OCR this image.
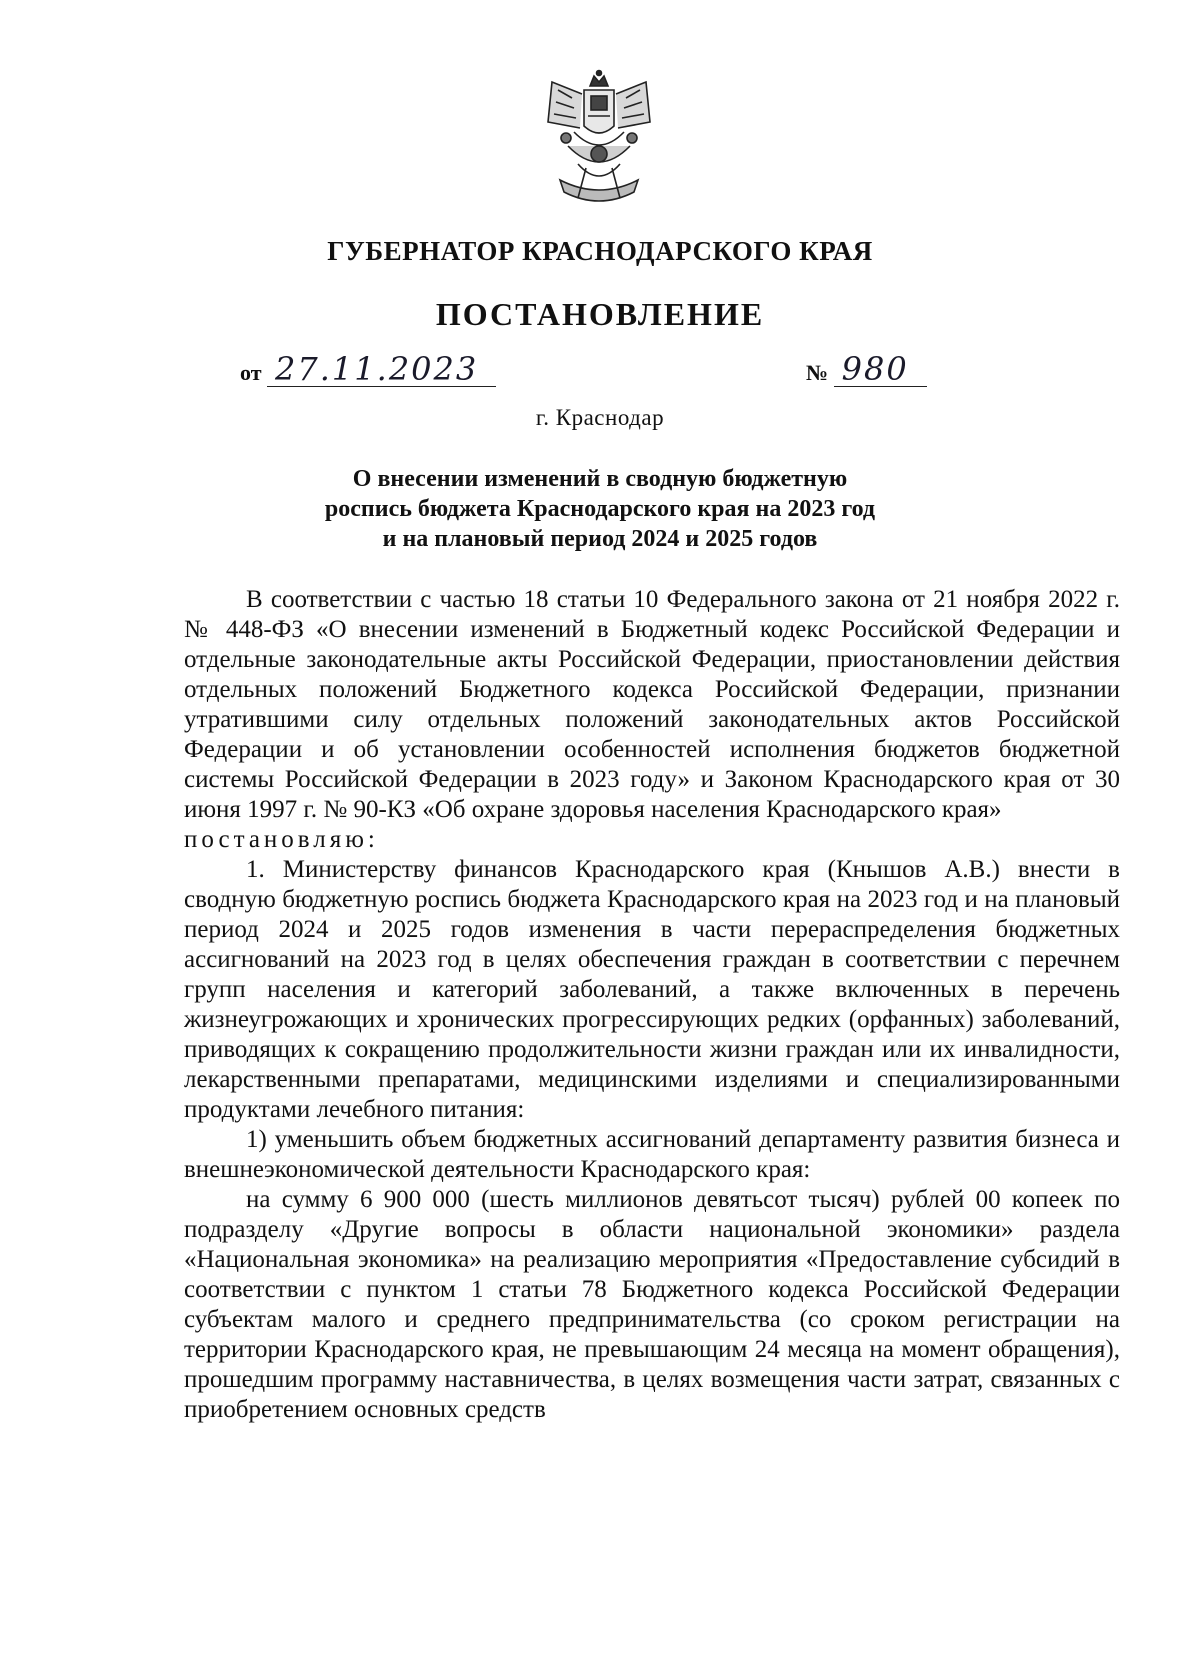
ГУБЕРНАТОР КРАСНОДАРСКОГО КРАЯ
ПОСТАНОВЛЕНИЕ
от 27.11.2023	№ 980
г. Краснодар
О внесении изменений в сводную бюджетную
роспись бюджета Краснодарского края на 2023 год
и на плановый период 2024 и 2025 годов

В соответствии с частью 18 статьи 10 Федерального закона от 21 ноября 2022 г. № 448-ФЗ «О внесении изменений в Бюджетный кодекс Российской Федерации и отдельные законодательные акты Российской Федерации, приостановлении действия отдельных положений Бюджетного кодекса Российской Федерации, признании утратившими силу отдельных положений законодательных актов Российской Федерации и об установлении особенностей исполнения бюджетов бюджетной системы Российской Федерации в 2023 году» и Законом Краснодарского края от 30 июня 1997 г. № 90-КЗ «Об охране здоровья населения Краснодарского края»

постановляю:

1. Министерству финансов Краснодарского края (Кнышов А.В.) внести в сводную бюджетную роспись бюджета Краснодарского края на 2023 год и на плановый период 2024 и 2025 годов изменения в части перераспределения бюджетных ассигнований на 2023 год в целях обеспечения граждан в соответствии с перечнем групп населения и категорий заболеваний, а также включенных в перечень жизнеугрожающих и хронических прогрессирующих редких (орфанных) заболеваний, приводящих к сокращению продолжительности жизни граждан или их инвалидности, лекарственными препаратами, медицинскими изделиями и специализированными продуктами лечебного питания:

1) уменьшить объем бюджетных ассигнований департаменту развития бизнеса и внешнеэкономической деятельности Краснодарского края:

на сумму 6 900 000 (шесть миллионов девятьсот тысяч) рублей 00 копеек по подразделу «Другие вопросы в области национальной экономики» раздела «Национальная экономика» на реализацию мероприятия «Предоставление субсидий в соответствии с пунктом 1 статьи 78 Бюджетного кодекса Российской Федерации субъектам малого и среднего предпринимательства (со сроком регистрации на территории Краснодарского края, не превышающим 24 месяца на момент обращения), прошедшим программу наставничества, в целях возмещения части затрат, связанных с приобретением основных средств
